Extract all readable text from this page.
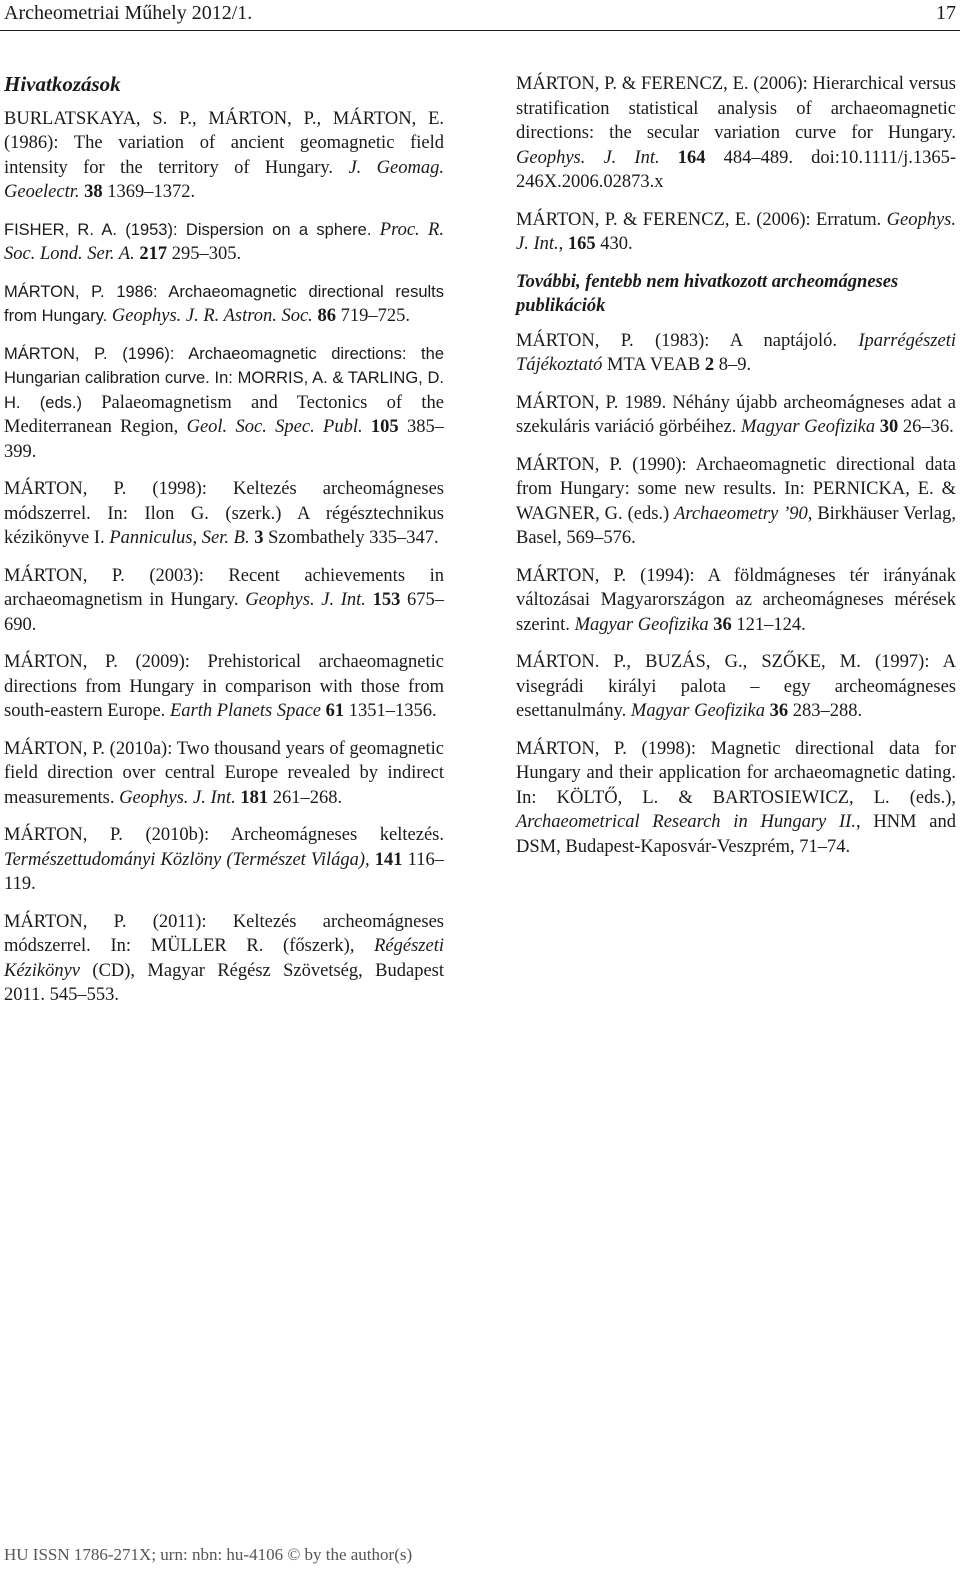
Archeometriai Műhely 2012/1.	17
Hivatkozások
BURLATSKAYA, S. P., MÁRTON, P., MÁRTON, E. (1986): The variation of ancient geomagnetic field intensity for the territory of Hungary. J. Geomag. Geoelectr. 38 1369–1372.
FISHER, R. A. (1953): Dispersion on a sphere. Proc. R. Soc. Lond. Ser. A. 217 295–305.
MÁRTON, P. 1986: Archaeomagnetic directional results from Hungary. Geophys. J. R. Astron. Soc. 86 719–725.
MÁRTON, P. (1996): Archaeomagnetic directions: the Hungarian calibration curve. In: MORRIS, A. & TARLING, D. H. (eds.) Palaeomagnetism and Tectonics of the Mediterranean Region, Geol. Soc. Spec. Publ. 105 385–399.
MÁRTON, P. (1998): Keltezés archeomágneses módszerrel. In: Ilon G. (szerk.) A régésztechnikus kézikönyve I. Panniculus, Ser. B. 3 Szombathely 335–347.
MÁRTON, P. (2003): Recent achievements in archaeomagnetism in Hungary. Geophys. J. Int. 153 675–690.
MÁRTON, P. (2009): Prehistorical archaeomagnetic directions from Hungary in comparison with those from south-eastern Europe. Earth Planets Space 61 1351–1356.
MÁRTON, P. (2010a): Two thousand years of geomagnetic field direction over central Europe revealed by indirect measurements. Geophys. J. Int. 181 261–268.
MÁRTON, P. (2010b): Archeomágneses keltezés. Természettudományi Közlöny (Természet Világa), 141 116–119.
MÁRTON, P. (2011): Keltezés archeomágneses módszerrel. In: MÜLLER R. (főszerk), Régészeti Kézikönyv (CD), Magyar Régész Szövetség, Budapest 2011. 545–553.
MÁRTON, P. & FERENCZ, E. (2006): Hierarchical versus stratification statistical analysis of archaeomagnetic directions: the secular variation curve for Hungary. Geophys. J. Int. 164 484–489. doi:10.1111/j.1365-246X.2006.02873.x
MÁRTON, P. & FERENCZ, E. (2006): Erratum. Geophys. J. Int., 165 430.
További, fentebb nem hivatkozott archeomágneses publikációk
MÁRTON, P. (1983): A naptájoló. Iparrégészeti Tájékoztató MTA VEAB 2 8–9.
MÁRTON, P. 1989. Néhány újabb archeomágneses adat a szekuláris variáció görbéihez. Magyar Geofizika 30 26–36.
MÁRTON, P. (1990): Archaeomagnetic directional data from Hungary: some new results. In: PERNICKA, E. & WAGNER, G. (eds.) Archaeometry ’90, Birkhäuser Verlag, Basel, 569–576.
MÁRTON, P. (1994): A földmágneses tér irányának változásai Magyarországon az archeomágneses mérések szerint. Magyar Geofizika 36 121–124.
MÁRTON. P., BUZÁS, G., SZŐKE, M. (1997): A visegrádi királyi palota – egy archeomágneses esettanulmány. Magyar Geofizika 36 283–288.
MÁRTON, P. (1998): Magnetic directional data for Hungary and their application for archaeomagnetic dating. In: KÖLTŐ, L. & BARTOSIEWICZ, L. (eds.), Archaeometrical Research in Hungary II., HNM and DSM, Budapest-Kaposvár-Veszprém, 71–74.
HU ISSN 1786-271X; urn: nbn: hu-4106 © by the author(s)
